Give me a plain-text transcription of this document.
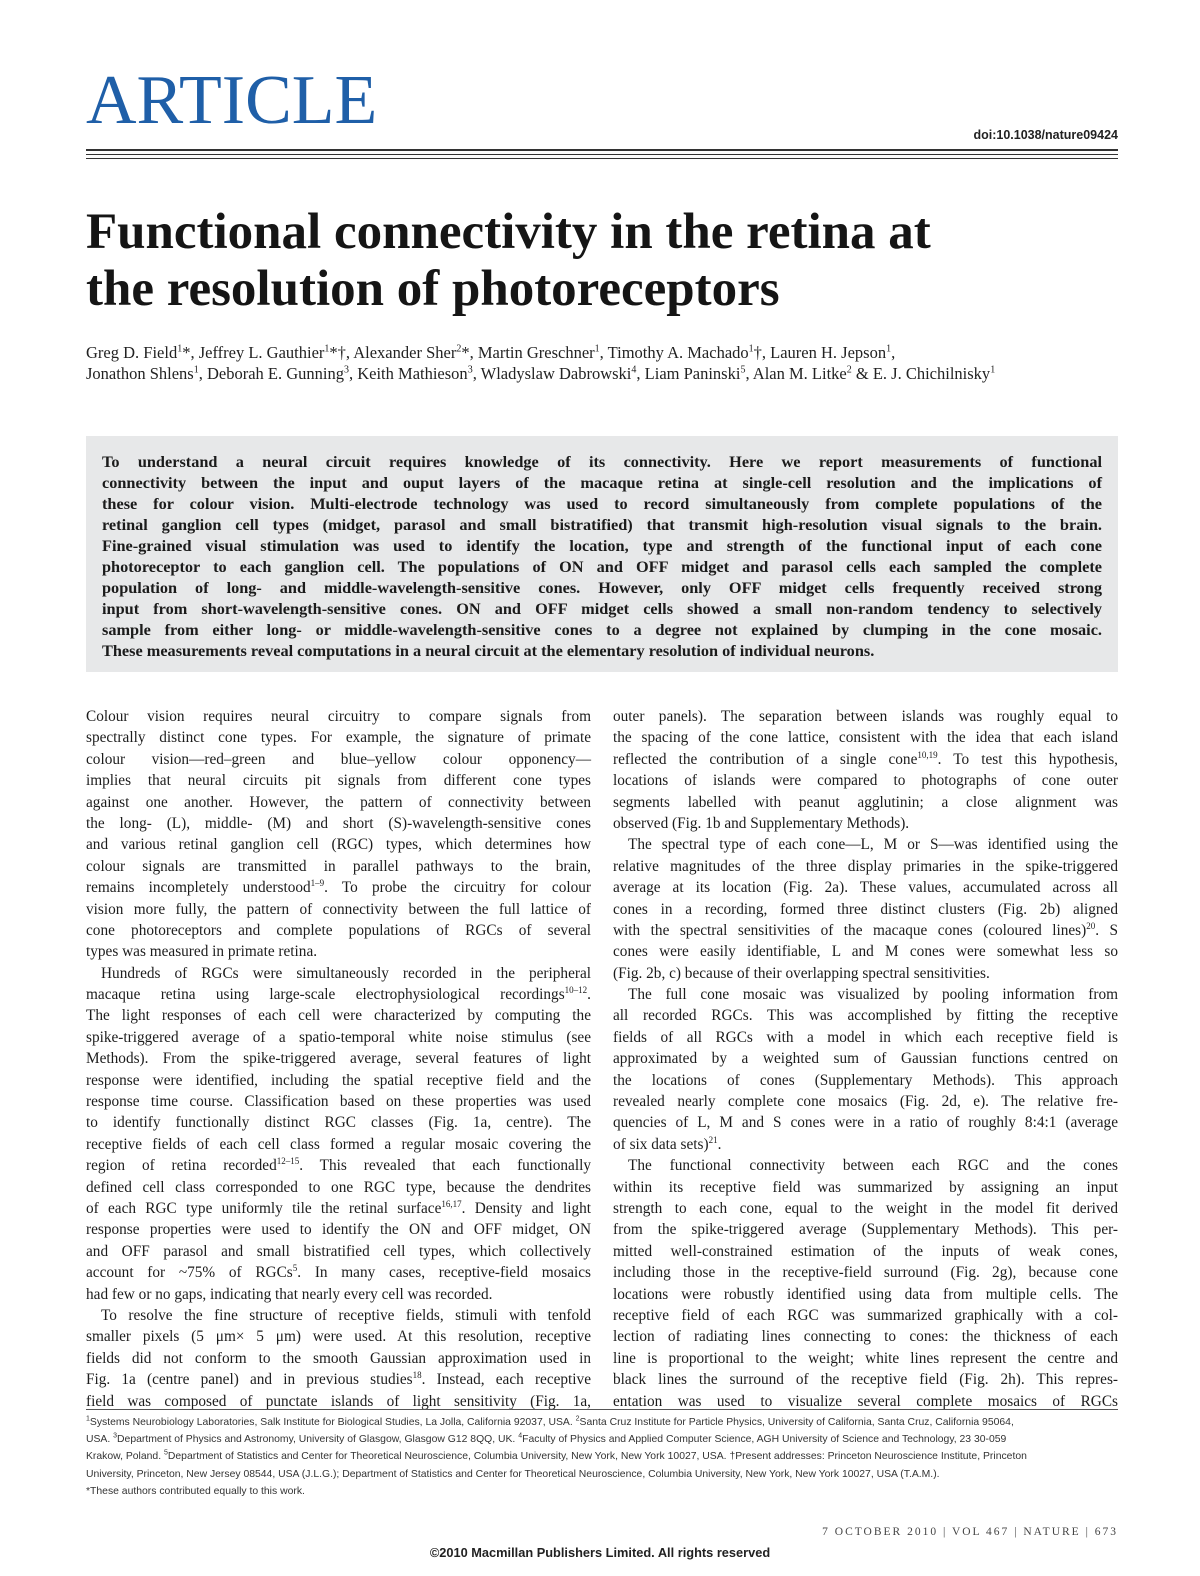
ARTICLE	doi:10.1038/nature09424
Functional connectivity in the retina at
the resolution of photoreceptors
Greg D. Field$^1$*, Jeffrey L. Gauthier$^1$*†, Alexander Sher$^2$*, Martin Greschner$^1$, Timothy A. Machado$^1$†, Lauren H. Jepson$^1$,
Jonathon Shlens$^1$, Deborah E. Gunning$^3$, Keith Mathieson$^3$, Wladyslaw Dabrowski$^4$, Liam Paninski$^5$, Alan M. Litke$^2$ & E. J. Chichilnisky$^1$

To understand a neural circuit requires knowledge of its connectivity. Here we report measurements of functional
connectivity between the input and ouput layers of the macaque retina at single-cell resolution and the implications of
these for colour vision. Multi-electrode technology was used to record simultaneously from complete populations of the
retinal ganglion cell types (midget, parasol and small bistratified) that transmit high-resolution visual signals to the brain.
Fine-grained visual stimulation was used to identify the location, type and strength of the functional input of each cone
photoreceptor to each ganglion cell. The populations of ON and OFF midget and parasol cells each sampled the complete
population of long- and middle-wavelength-sensitive cones. However, only OFF midget cells frequently received strong
input from short-wavelength-sensitive cones. ON and OFF midget cells showed a small non-random tendency to selectively
sample from either long- or middle-wavelength-sensitive cones to a degree not explained by clumping in the cone mosaic.
These measurements reveal computations in a neural circuit at the elementary resolution of individual neurons.

Colour vision requires neural circuitry to compare signals from
spectrally distinct cone types. For example, the signature of primate
colour vision—red–green and blue–yellow colour opponency—
implies that neural circuits pit signals from different cone types
against one another. However, the pattern of connectivity between
the long- (L), middle- (M) and short (S)-wavelength-sensitive cones
and various retinal ganglion cell (RGC) types, which determines how
colour signals are transmitted in parallel pathways to the brain,
remains incompletely understood$^{1-9}$. To probe the circuitry for colour
vision more fully, the pattern of connectivity between the full lattice of
cone photoreceptors and complete populations of RGCs of several
types was measured in primate retina.
Hundreds of RGCs were simultaneously recorded in the peripheral
macaque retina using large-scale electrophysiological recordings$^{10-12}$.
The light responses of each cell were characterized by computing the
spike-triggered average of a spatio-temporal white noise stimulus (see
Methods). From the spike-triggered average, several features of light
response were identified, including the spatial receptive field and the
response time course. Classification based on these properties was used
to identify functionally distinct RGC classes (Fig. 1a, centre). The
receptive fields of each cell class formed a regular mosaic covering the
region of retina recorded$^{12-15}$. This revealed that each functionally
defined cell class corresponded to one RGC type, because the dendrites
of each RGC type uniformly tile the retinal surface$^{16,17}$. Density and light
response properties were used to identify the ON and OFF midget, ON
and OFF parasol and small bistratified cell types, which collectively
account for ~75% of RGCs$^5$. In many cases, receptive-field mosaics
had few or no gaps, indicating that nearly every cell was recorded.
To resolve the fine structure of receptive fields, stimuli with tenfold
smaller pixels (5 μm× 5 μm) were used. At this resolution, receptive
fields did not conform to the smooth Gaussian approximation used in
Fig. 1a (centre panel) and in previous studies$^{18}$. Instead, each receptive
field was composed of punctate islands of light sensitivity (Fig. 1a,
outer panels). The separation between islands was roughly equal to
the spacing of the cone lattice, consistent with the idea that each island
reflected the contribution of a single cone$^{10,19}$. To test this hypothesis,
locations of islands were compared to photographs of cone outer
segments labelled with peanut agglutinin; a close alignment was
observed (Fig. 1b and Supplementary Methods).
The spectral type of each cone—L, M or S—was identified using the
relative magnitudes of the three display primaries in the spike-triggered
average at its location (Fig. 2a). These values, accumulated across all
cones in a recording, formed three distinct clusters (Fig. 2b) aligned
with the spectral sensitivities of the macaque cones (coloured lines)$^{20}$. S
cones were easily identifiable, L and M cones were somewhat less so
(Fig. 2b, c) because of their overlapping spectral sensitivities.
The full cone mosaic was visualized by pooling information from
all recorded RGCs. This was accomplished by fitting the receptive
fields of all RGCs with a model in which each receptive field is
approximated by a weighted sum of Gaussian functions centred on
the locations of cones (Supplementary Methods). This approach
revealed nearly complete cone mosaics (Fig. 2d, e). The relative fre-
quencies of L, M and S cones were in a ratio of roughly 8:4:1 (average
of six data sets)$^{21}$.
The functional connectivity between each RGC and the cones
within its receptive field was summarized by assigning an input
strength to each cone, equal to the weight in the model fit derived
from the spike-triggered average (Supplementary Methods). This per-
mitted well-constrained estimation of the inputs of weak cones,
including those in the receptive-field surround (Fig. 2g), because cone
locations were robustly identified using data from multiple cells. The
receptive field of each RGC was summarized graphically with a col-
lection of radiating lines connecting to cones: the thickness of each
line is proportional to the weight; white lines represent the centre and
black lines the surround of the receptive field (Fig. 2h). This repres-
entation was used to visualize several complete mosaics of RGCs
$^1$Systems Neurobiology Laboratories, Salk Institute for Biological Studies, La Jolla, California 92037, USA. $^2$Santa Cruz Institute for Particle Physics, University of California, Santa Cruz, California 95064,
USA. $^3$Department of Physics and Astronomy, University of Glasgow, Glasgow G12 8QQ, UK. $^4$Faculty of Physics and Applied Computer Science, AGH University of Science and Technology, 23 30-059
Krakow, Poland. $^5$Department of Statistics and Center for Theoretical Neuroscience, Columbia University, New York, New York 10027, USA. †Present addresses: Princeton Neuroscience Institute, Princeton
University, Princeton, New Jersey 08544, USA (J.L.G.); Department of Statistics and Center for Theoretical Neuroscience, Columbia University, New York, New York 10027, USA (T.A.M.).
*These authors contributed equally to this work.
7 OCTOBER 2010 | VOL 467 | NATURE | 673
©2010 Macmillan Publishers Limited. All rights reserved
